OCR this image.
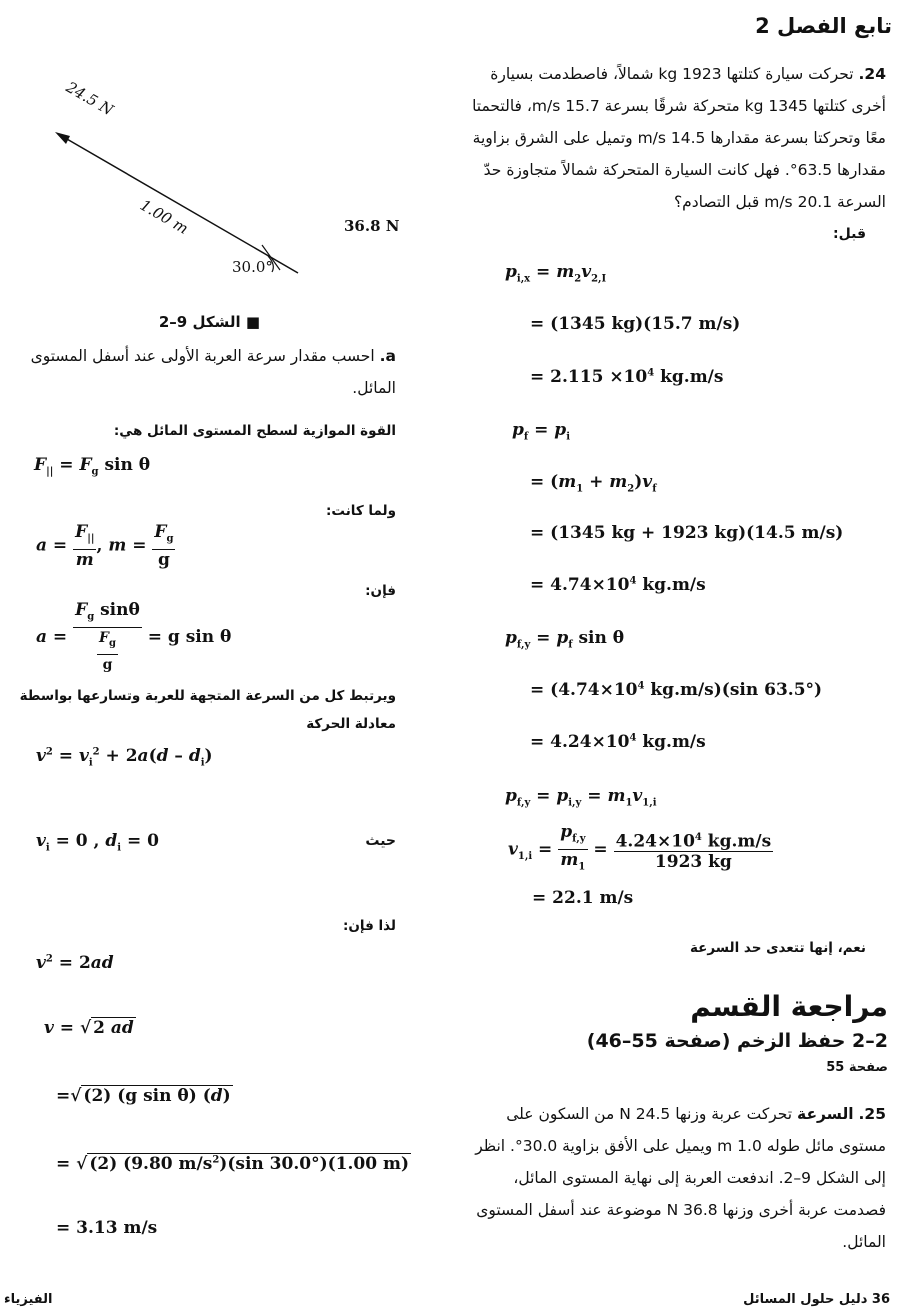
تابع الفصل 2
24. تحركت سيارة كتلتها 1923 kg شمالاً، فاصطدمت بسيارة أخرى كتلتها 1345 kg متحركة شرقًا بسرعة 15.7 m/s، فالتحمتا معًا وتحركتا بسرعة مقدارها 14.5 m/s وتميل على الشرق بزاوية مقدارها 63.5°. فهل كانت السيارة المتحركة شمالاً متجاوزة حدّ السرعة 20.1 m/s قبل التصادم؟
قبل:
$p_{i,x} = m_2v_{2,I}$
= (1345 kg)(15.7 m/s)
= $2.115 \times 10^4$ kg.m/s
$p_f = p_i$
= $(m_1 + m_2)v_f$
= (1345 kg + 1923 kg)(14.5 m/s)
= $4.74\times 10^4$ kg.m/s
$p_{f,y} = p_f$ sin θ
= ($4.74\times 10^4$ kg.m/s)(sin 63.5°)
= $4.24\times 10^4$ kg.m/s
$p_{f,y} = p_{i,y} = m_1v_{1,i}$
$v_{1,i} = \frac{p_{f,y}}{m_1} = \frac{4.24\times 10^4 kg.m/s}{1923 kg}$
= 22.1 m/s
نعم، إنها تتعدى حد السرعة
24.5 N
1.00 m	36.8 N
30.0°
■ الشكل 9–2
a. احسب مقدار سرعة العربة الأولى عند أسفل المستوى المائل.
القوة الموازية لسطح المستوى المائل هي:
$F_{||} = F_g$ sin θ
ولما كانت:
$a = \frac{F_{||}}{m}$ , $m = \frac{F_g}{g}$
فإن:
$a = \frac{F_g \sin\theta}{\frac{F_g}{g}} = g$ sin θ
ويرتبط كل من السرعة المتجهة للعربة وتسارعها بواسطة معادلة الحركة
$v^2 = v_i^2 + 2a(d - d_i)$
$v_i = 0$ , $d_i = 0$	حيث
لذا فإن:
$v^2 = 2ad$
v = √ 2 ad
=√ (2) (g sin θ) (d)
= √ (2) (9.80 $m/s^2)(\sin$ 30.0°)(1.00 m)
= 3.13 m/s
مراجعة القسم
2–2 حفظ الزخم (صفحة 55–46)
صفحة 55
25. السرعة تحركت عربة وزنها 24.5 N من السكون على مستوى مائل طوله 1.0 m ويميل على الأفق بزاوية 30.0°. انظر إلى الشكل 9–2. اندفعت العربة إلى نهاية المستوى المائل، فصدمت عربة أخرى وزنها 36.8 N موضوعة عند أسفل المستوى المائل.
36 دليل حلول المسائل
الفيزياء
